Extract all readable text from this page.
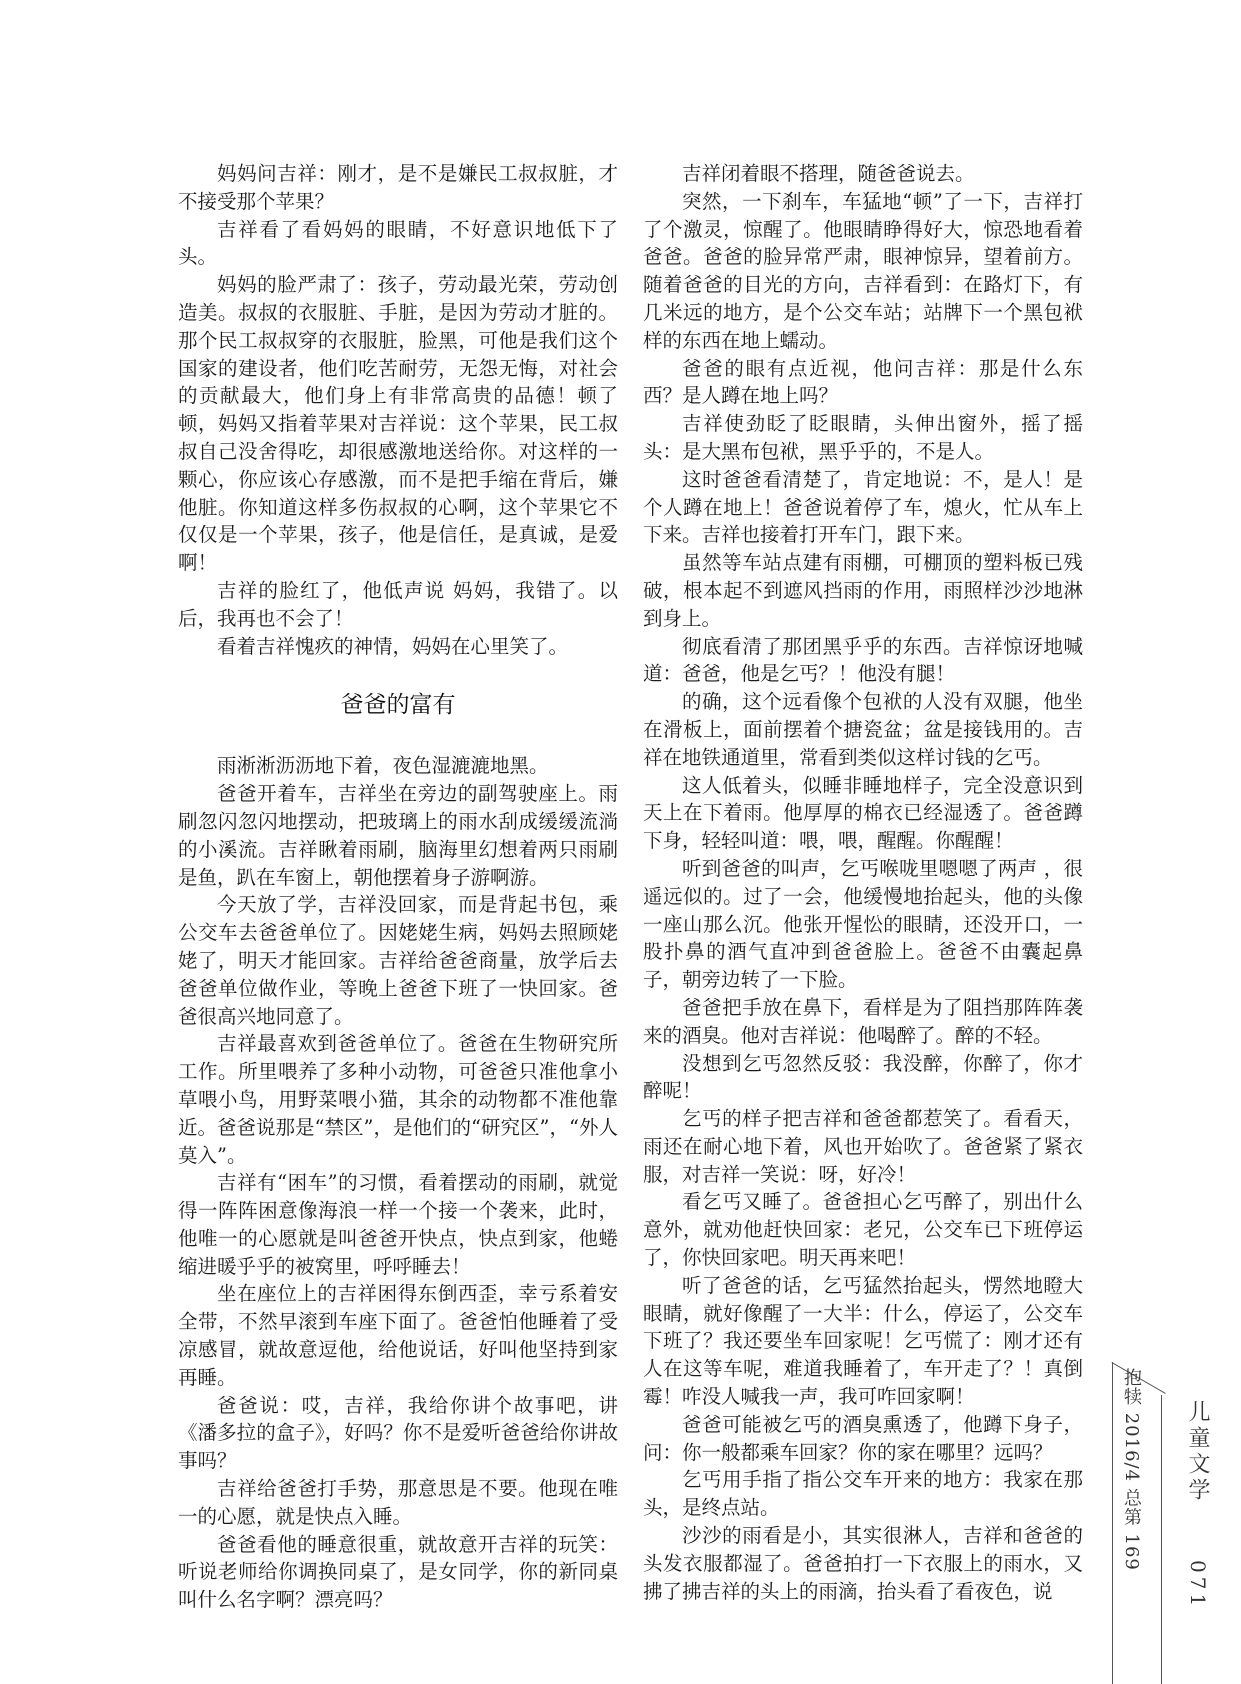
妈妈问吉祥：刚才，是不是嫌民工叔叔脏，才不接受那个苹果？

吉祥看了看妈妈的眼睛，不好意识地低下了头。

妈妈的脸严肃了：孩子，劳动最光荣，劳动创造美。叔叔的衣服脏、手脏，是因为劳动才脏的。那个民工叔叔穿的衣服脏，脸黑，可他是我们这个国家的建设者，他们吃苦耐劳，无怨无悔，对社会的贡献最大，他们身上有非常高贵的品德！顿了顿，妈妈又指着苹果对吉祥说：这个苹果，民工叔叔自己没舍得吃，却很感激地送给你。对这样的一颗心，你应该心存感激，而不是把手缩在背后，嫌他脏。你知道这样多伤叔叔的心啊，这个苹果它不仅仅是一个苹果，孩子，他是信任，是真诚，是爱啊！

吉祥的脸红了，他低声说 妈妈，我错了。以后，我再也不会了！

看着吉祥愧疚的神情，妈妈在心里笑了。

爸爸的富有

雨淅淅沥沥地下着，夜色湿漉漉地黑。

爸爸开着车，吉祥坐在旁边的副驾驶座上。雨刷忽闪忽闪地摆动，把玻璃上的雨水刮成缓缓流淌的小溪流。吉祥瞅着雨刷，脑海里幻想着两只雨刷是鱼，趴在车窗上，朝他摆着身子游啊游。

今天放了学，吉祥没回家，而是背起书包，乘公交车去爸爸单位了。因姥姥生病，妈妈去照顾姥姥了，明天才能回家。吉祥给爸爸商量，放学后去爸爸单位做作业，等晚上爸爸下班了一快回家。爸爸很高兴地同意了。

吉祥最喜欢到爸爸单位了。爸爸在生物研究所工作。所里喂养了多种小动物，可爸爸只准他拿小草喂小鸟，用野菜喂小猫，其余的动物都不准他靠近。爸爸说那是“禁区”，是他们的“研究区”，“外人莫入”。

吉祥有“困车”的习惯，看着摆动的雨刷，就觉得一阵阵困意像海浪一样一个接一个袭来，此时，他唯一的心愿就是叫爸爸开快点，快点到家，他蜷缩进暖乎乎的被窝里，呼呼睡去！

坐在座位上的吉祥困得东倒西歪，幸亏系着安全带，不然早滚到车座下面了。爸爸怕他睡着了受凉感冒，就故意逗他，给他说话，好叫他坚持到家再睡。

爸爸说：哎，吉祥，我给你讲个故事吧，讲《潘多拉的盒子》，好吗？你不是爱听爸爸给你讲故事吗？

吉祥给爸爸打手势，那意思是不要。他现在唯一的心愿，就是快点入睡。

爸爸看他的睡意很重，就故意开吉祥的玩笑：听说老师给你调换同桌了，是女同学，你的新同桌叫什么名字啊？漂亮吗？

吉祥闭着眼不搭理，随爸爸说去。

突然，一下刹车，车猛地“顿”了一下，吉祥打了个激灵，惊醒了。他眼睛睁得好大，惊恐地看着爸爸。爸爸的脸异常严肃，眼神惊异，望着前方。随着爸爸的目光的方向，吉祥看到：在路灯下，有几米远的地方，是个公交车站；站牌下一个黑包袱样的东西在地上蠕动。

爸爸的眼有点近视，他问吉祥：那是什么东西？是人蹲在地上吗？

吉祥使劲眨了眨眼睛，头伸出窗外，摇了摇头：是大黑布包袱，黑乎乎的，不是人。

这时爸爸看清楚了，肯定地说：不，是人！是个人蹲在地上！爸爸说着停了车，熄火，忙从车上下来。吉祥也接着打开车门，跟下来。

虽然等车站点建有雨棚，可棚顶的塑料板已残破，根本起不到遮风挡雨的作用，雨照样沙沙地淋到身上。

彻底看清了那团黑乎乎的东西。吉祥惊讶地喊道：爸爸，他是乞丐？！他没有腿！

的确，这个远看像个包袱的人没有双腿，他坐在滑板上，面前摆着个搪瓷盆；盆是接钱用的。吉祥在地铁通道里，常看到类似这样讨钱的乞丐。

这人低着头，似睡非睡地样子，完全没意识到天上在下着雨。他厚厚的棉衣已经湿透了。爸爸蹲下身，轻轻叫道：喂，喂，醒醒。你醒醒！

听到爸爸的叫声，乞丐喉咙里嗯嗯了两声 ，很遥远似的。过了一会，他缓慢地抬起头，他的头像一座山那么沉。他张开惺忪的眼睛，还没开口，一股扑鼻的酒气直冲到爸爸脸上。爸爸不由囊起鼻子，朝旁边转了一下脸。

爸爸把手放在鼻下，看样是为了阻挡那阵阵袭来的酒臭。他对吉祥说：他喝醉了。醉的不轻。

没想到乞丐忽然反驳：我没醉，你醉了，你才醉呢！

乞丐的样子把吉祥和爸爸都惹笑了。看看天，雨还在耐心地下着，风也开始吹了。爸爸紧了紧衣服，对吉祥一笑说：呀，好冷！

看乞丐又睡了。爸爸担心乞丐醉了，别出什么意外，就劝他赶快回家：老兄，公交车已下班停运了，你快回家吧。明天再来吧！

听了爸爸的话，乞丐猛然抬起头，愣然地瞪大眼睛，就好像醒了一大半：什么，停运了，公交车下班了？我还要坐车回家呢！乞丐慌了：刚才还有人在这等车呢，难道我睡着了，车开走了？！真倒霉！咋没人喊我一声，我可咋回家啊！

爸爸可能被乞丐的酒臭熏透了，他蹲下身子，问：你一般都乘车回家？你的家在哪里？远吗？

乞丐用手指了指公交车开来的地方：我家在那头，是终点站。

沙沙的雨看是小，其实很淋人，吉祥和爸爸的头发衣服都湿了。爸爸拍打一下衣服上的雨水，又拂了拂吉祥的头上的雨滴，抬头看了看夜色，说

抱犊 2016/4 总第 169 儿童文学
071
